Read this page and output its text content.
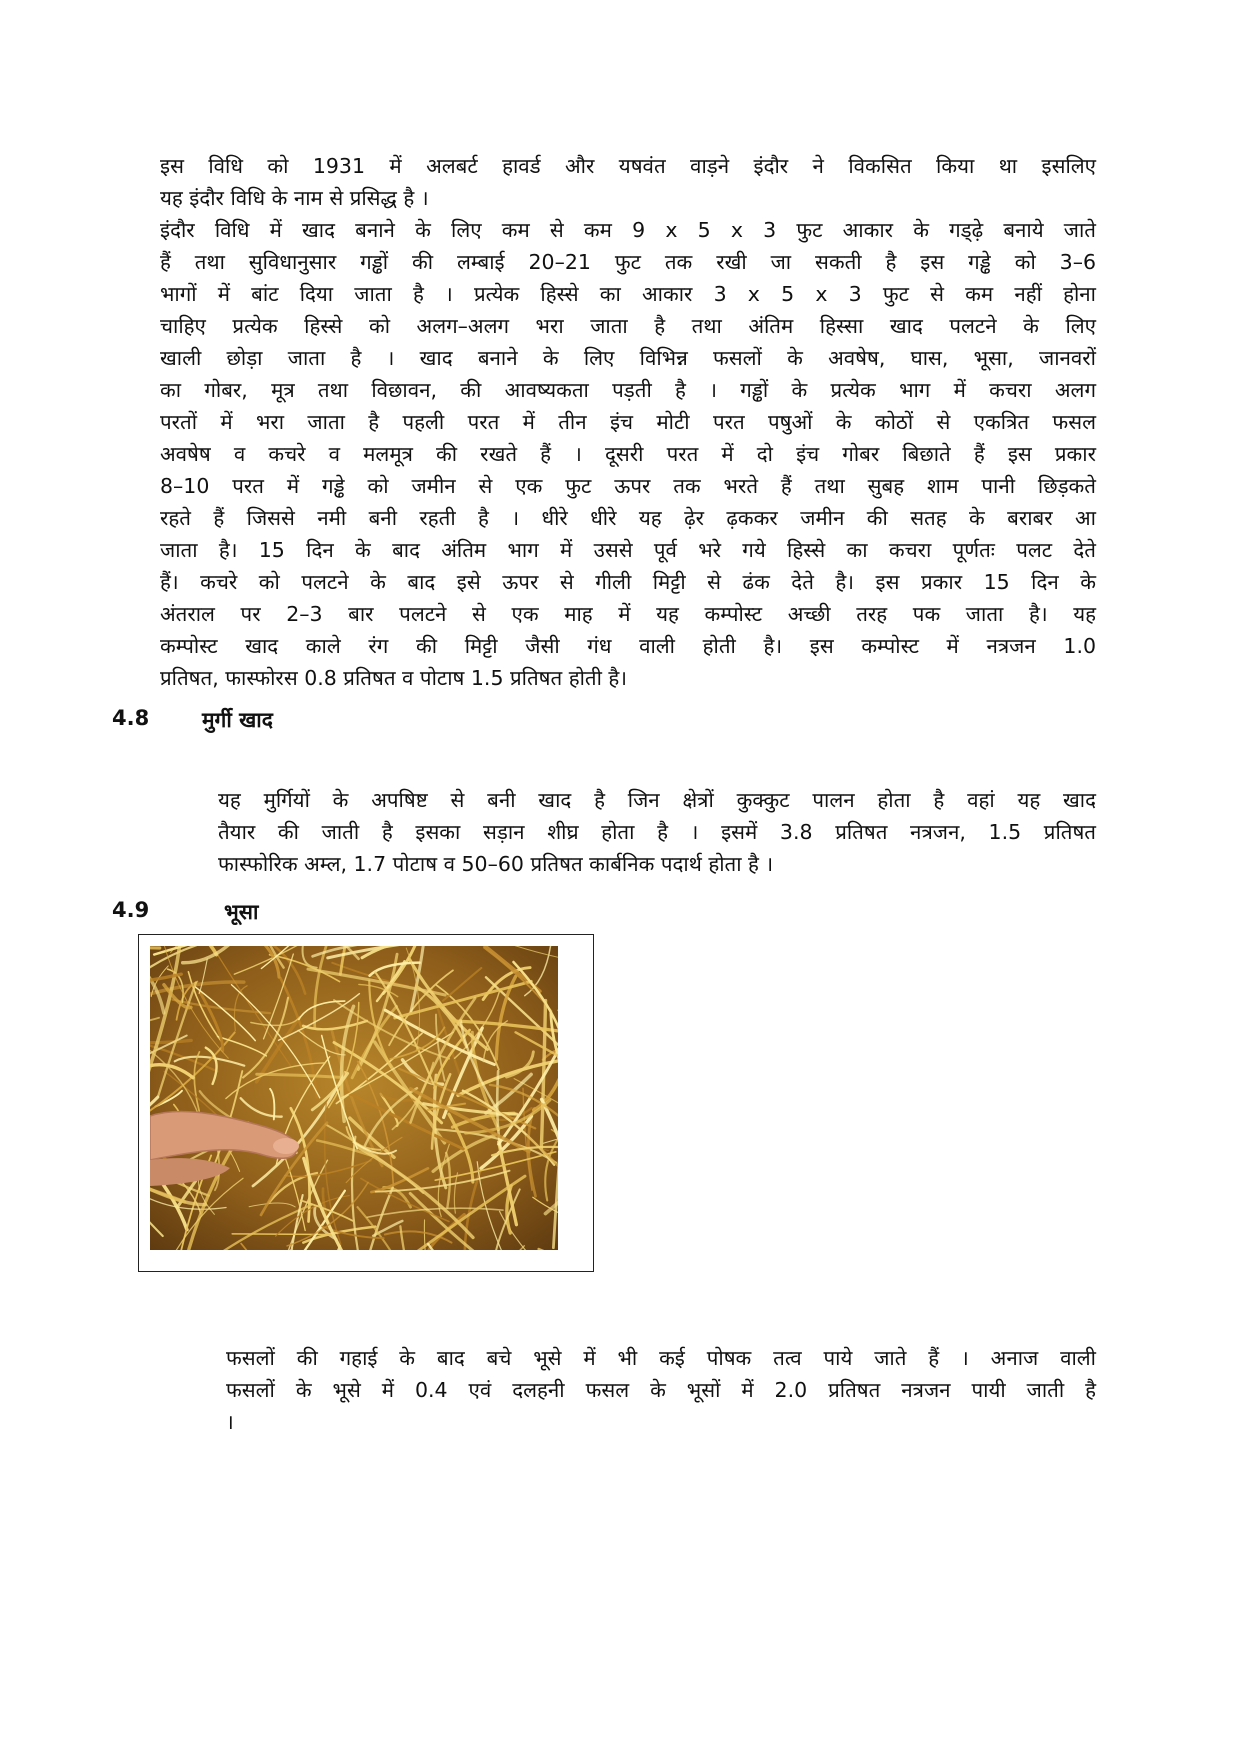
इस विधि को 1931 में अलबर्ट हावर्ड और यषवंत वाड़ने इंदौर ने विकसित किया था इसलिए
यह इंदौर विधि के नाम से प्रसिद्ध है ।
इंदौर विधि में खाद बनाने के लिए कम से कम 9 x 5 x 3 फुट आकार के गड्ढ़े बनाये जाते
हैं तथा सुविधानुसार गड्ढों की लम्बाई 20–21 फुट तक रखी जा सकती है इस गड्ढे को 3–6
भागों में बांट दिया जाता है । प्रत्येक हिस्से का आकार 3 x 5 x 3 फुट से कम नहीं होना
चाहिए प्रत्येक हिस्से को अलग–अलग भरा जाता है तथा अंतिम हिस्सा खाद पलटने के लिए
खाली छोड़ा जाता है । खाद बनाने के लिए विभिन्न फसलों के अवषेष, घास, भूसा, जानवरों
का गोबर, मूत्र तथा विछावन, की आवष्यकता पड़ती है । गड्ढों के प्रत्येक भाग में कचरा अलग
परतों में भरा जाता है पहली परत में तीन इंच मोटी परत पषुओं के कोठों से एकत्रित फसल
अवषेष व कचरे व मलमूत्र की रखते हैं । दूसरी परत में दो इंच गोबर बिछाते हैं इस प्रकार
8–10 परत में गड्ढे को जमीन से एक फुट ऊपर तक भरते हैं तथा सुबह शाम पानी छिड़कते
रहते हैं जिससे नमी बनी रहती है । धीरे धीरे यह ढ़ेर ढ़ककर जमीन की सतह के बराबर आ
जाता है। 15 दिन के बाद अंतिम भाग में उससे पूर्व भरे गये हिस्से का कचरा पूर्णतः पलट देते
हैं। कचरे को पलटने के बाद इसे ऊपर से गीली मिट्टी से ढंक देते है। इस प्रकार 15 दिन के
अंतराल पर 2–3 बार पलटने से एक माह में यह कम्पोस्ट अच्छी तरह पक जाता है। यह
कम्पोस्ट खाद काले रंग की मिट्टी जैसी गंध वाली होती है। इस कम्पोस्ट में नत्रजन 1.0
प्रतिषत, फास्फोरस 0.8 प्रतिषत व पोटाष 1.5 प्रतिषत होती है।
4.8	मुर्गी खाद
यह मुर्गियों के अपषिष्ट से बनी खाद है जिन क्षेत्रों कुक्कुट पालन होता है वहां यह खाद
तैयार की जाती है इसका सड़ान शीघ्र होता है । इसमें 3.8 प्रतिषत नत्रजन, 1.5 प्रतिषत
फास्फोरिक अम्ल, 1.7 पोटाष व 50–60 प्रतिषत कार्बनिक पदार्थ होता है ।
4.9	भूसा
फसलों की गहाई के बाद बचे भूसे में भी कई पोषक तत्व पाये जाते हैं । अनाज वाली
फसलों के भूसे में 0.4 एवं दलहनी फसल के भूसों में 2.0 प्रतिषत नत्रजन पायी जाती है
।
